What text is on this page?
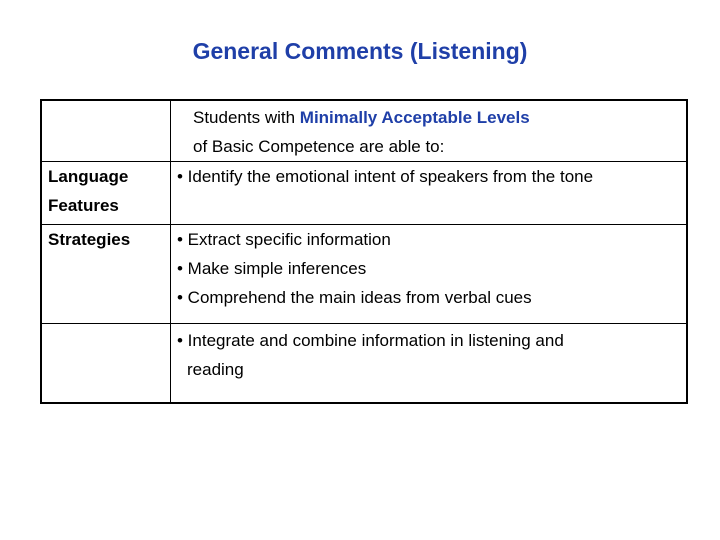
General Comments (Listening)

	Students with Minimally Acceptable Levels
of Basic Competence are able to:

Language
Features	• Identify the emotional intent of speakers from the tone

Strategies	• Extract specific information
• Make simple inferences
• Comprehend the main ideas from verbal cues

	• Integrate and combine information in listening and
reading
